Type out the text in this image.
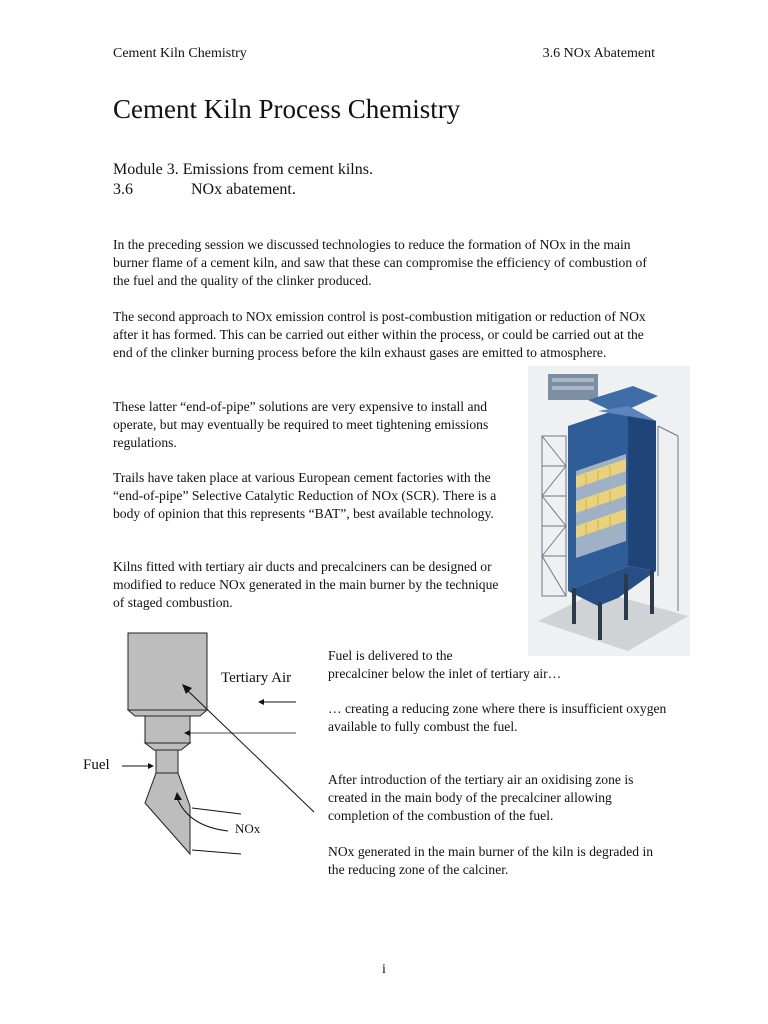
Cement Kiln Chemistry	3.6 NOx Abatement
Cement Kiln Process Chemistry
Module 3. Emissions from cement kilns.
3.6	NOx abatement.
In the preceding session we discussed technologies to reduce the formation of NOx in the main burner flame of a cement kiln, and saw that these can compromise the efficiency of combustion of the fuel and the quality of the clinker produced.
The second approach to NOx emission control is post-combustion mitigation or reduction of NOx after it has formed. This can be carried out either within the process, or could be carried out at the end of the clinker burning process before the kiln exhaust gases are emitted to atmosphere.
These latter “end-of-pipe” solutions are very expensive to install and operate, but may eventually be required to meet tightening emissions regulations.
Trails have taken place at various European cement factories with the “end-of-pipe” Selective Catalytic Reduction of NOx (SCR). There is a body of opinion that this represents “BAT”, best available technology.
Kilns fitted with tertiary air ducts and precalciners can be designed or modified to reduce NOx generated in the main burner by the technique of staged combustion.
Tertiary Air
Fuel
NOx
Fuel is delivered to the
precalciner below the inlet of tertiary air…
… creating a reducing zone where there is insufficient oxygen available to fully combust the fuel.
After introduction of the tertiary air an oxidising zone is created in the main body of the precalciner allowing completion of the combustion of the fuel.
NOx generated in the main burner of the kiln is degraded in the reducing zone of the calciner.
i
